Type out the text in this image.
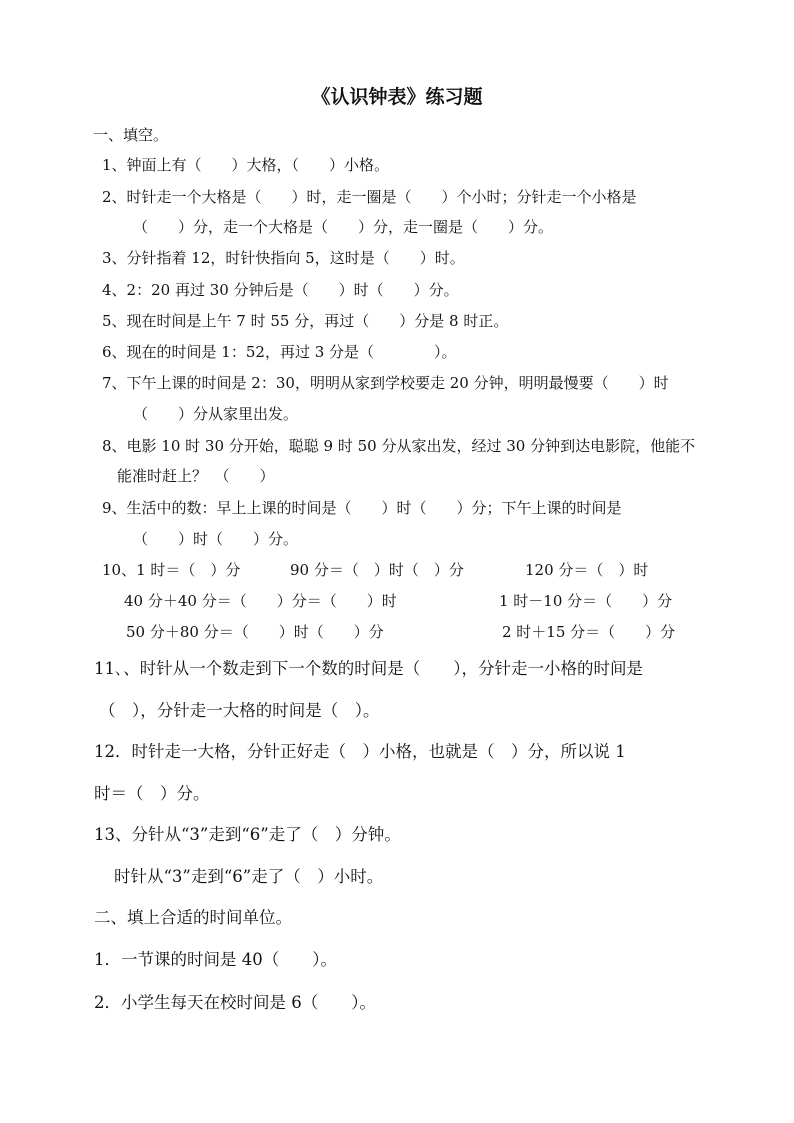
《认识钟表》练习题
一、填空。
1、钟面上有（　　）大格，（　　）小格。
2、时针走一个大格是（　　）时，走一圈是（　　）个小时；分针走一个小格是
（　　）分，走一个大格是（　　）分，走一圈是（　　）分。
3、分针指着 12，时针快指向 5，这时是（　　）时。
4、2：20 再过 30 分钟后是（　　）时（　　）分。
5、现在时间是上午 7 时 55 分，再过（　　）分是 8 时正。
6、现在的时间是 1：52，再过 3 分是（　　　　）。
7、下午上课的时间是 2：30，明明从家到学校要走 20 分钟，明明最慢要（　　）时
（　　）分从家里出发。
8、电影 10 时 30 分开始，聪聪 9 时 50 分从家出发，经过 30 分钟到达电影院，他能不
能准时赶上？　（　　）
9、生活中的数：早上上课的时间是（　　）时（　　）分；下午上课的时间是
（　　）时（　　）分。
10、1 时＝（　）分	90 分＝（　）时（　）分	120 分＝（　）时
40 分＋40 分＝（　　）分＝（　　）时	1 时－10 分＝（　　）分
50 分＋80 分＝（　　）时（　　）分	2 时＋15 分＝（　　）分
11､、时针从一个数走到下一个数的时间是（　　），分针走一小格的时间是
（　），分针走一大格的时间是（　）。
12．时针走一大格，分针正好走（　）小格，也就是（　）分，所以说 1
时＝（　）分。
13、分针从“3”走到“6”走了（　）分钟。
时针从“3”走到“6”走了（　）小时。
二、填上合适的时间单位。
1．一节课的时间是 40（　　）。
2．小学生每天在校时间是 6（　　）。
